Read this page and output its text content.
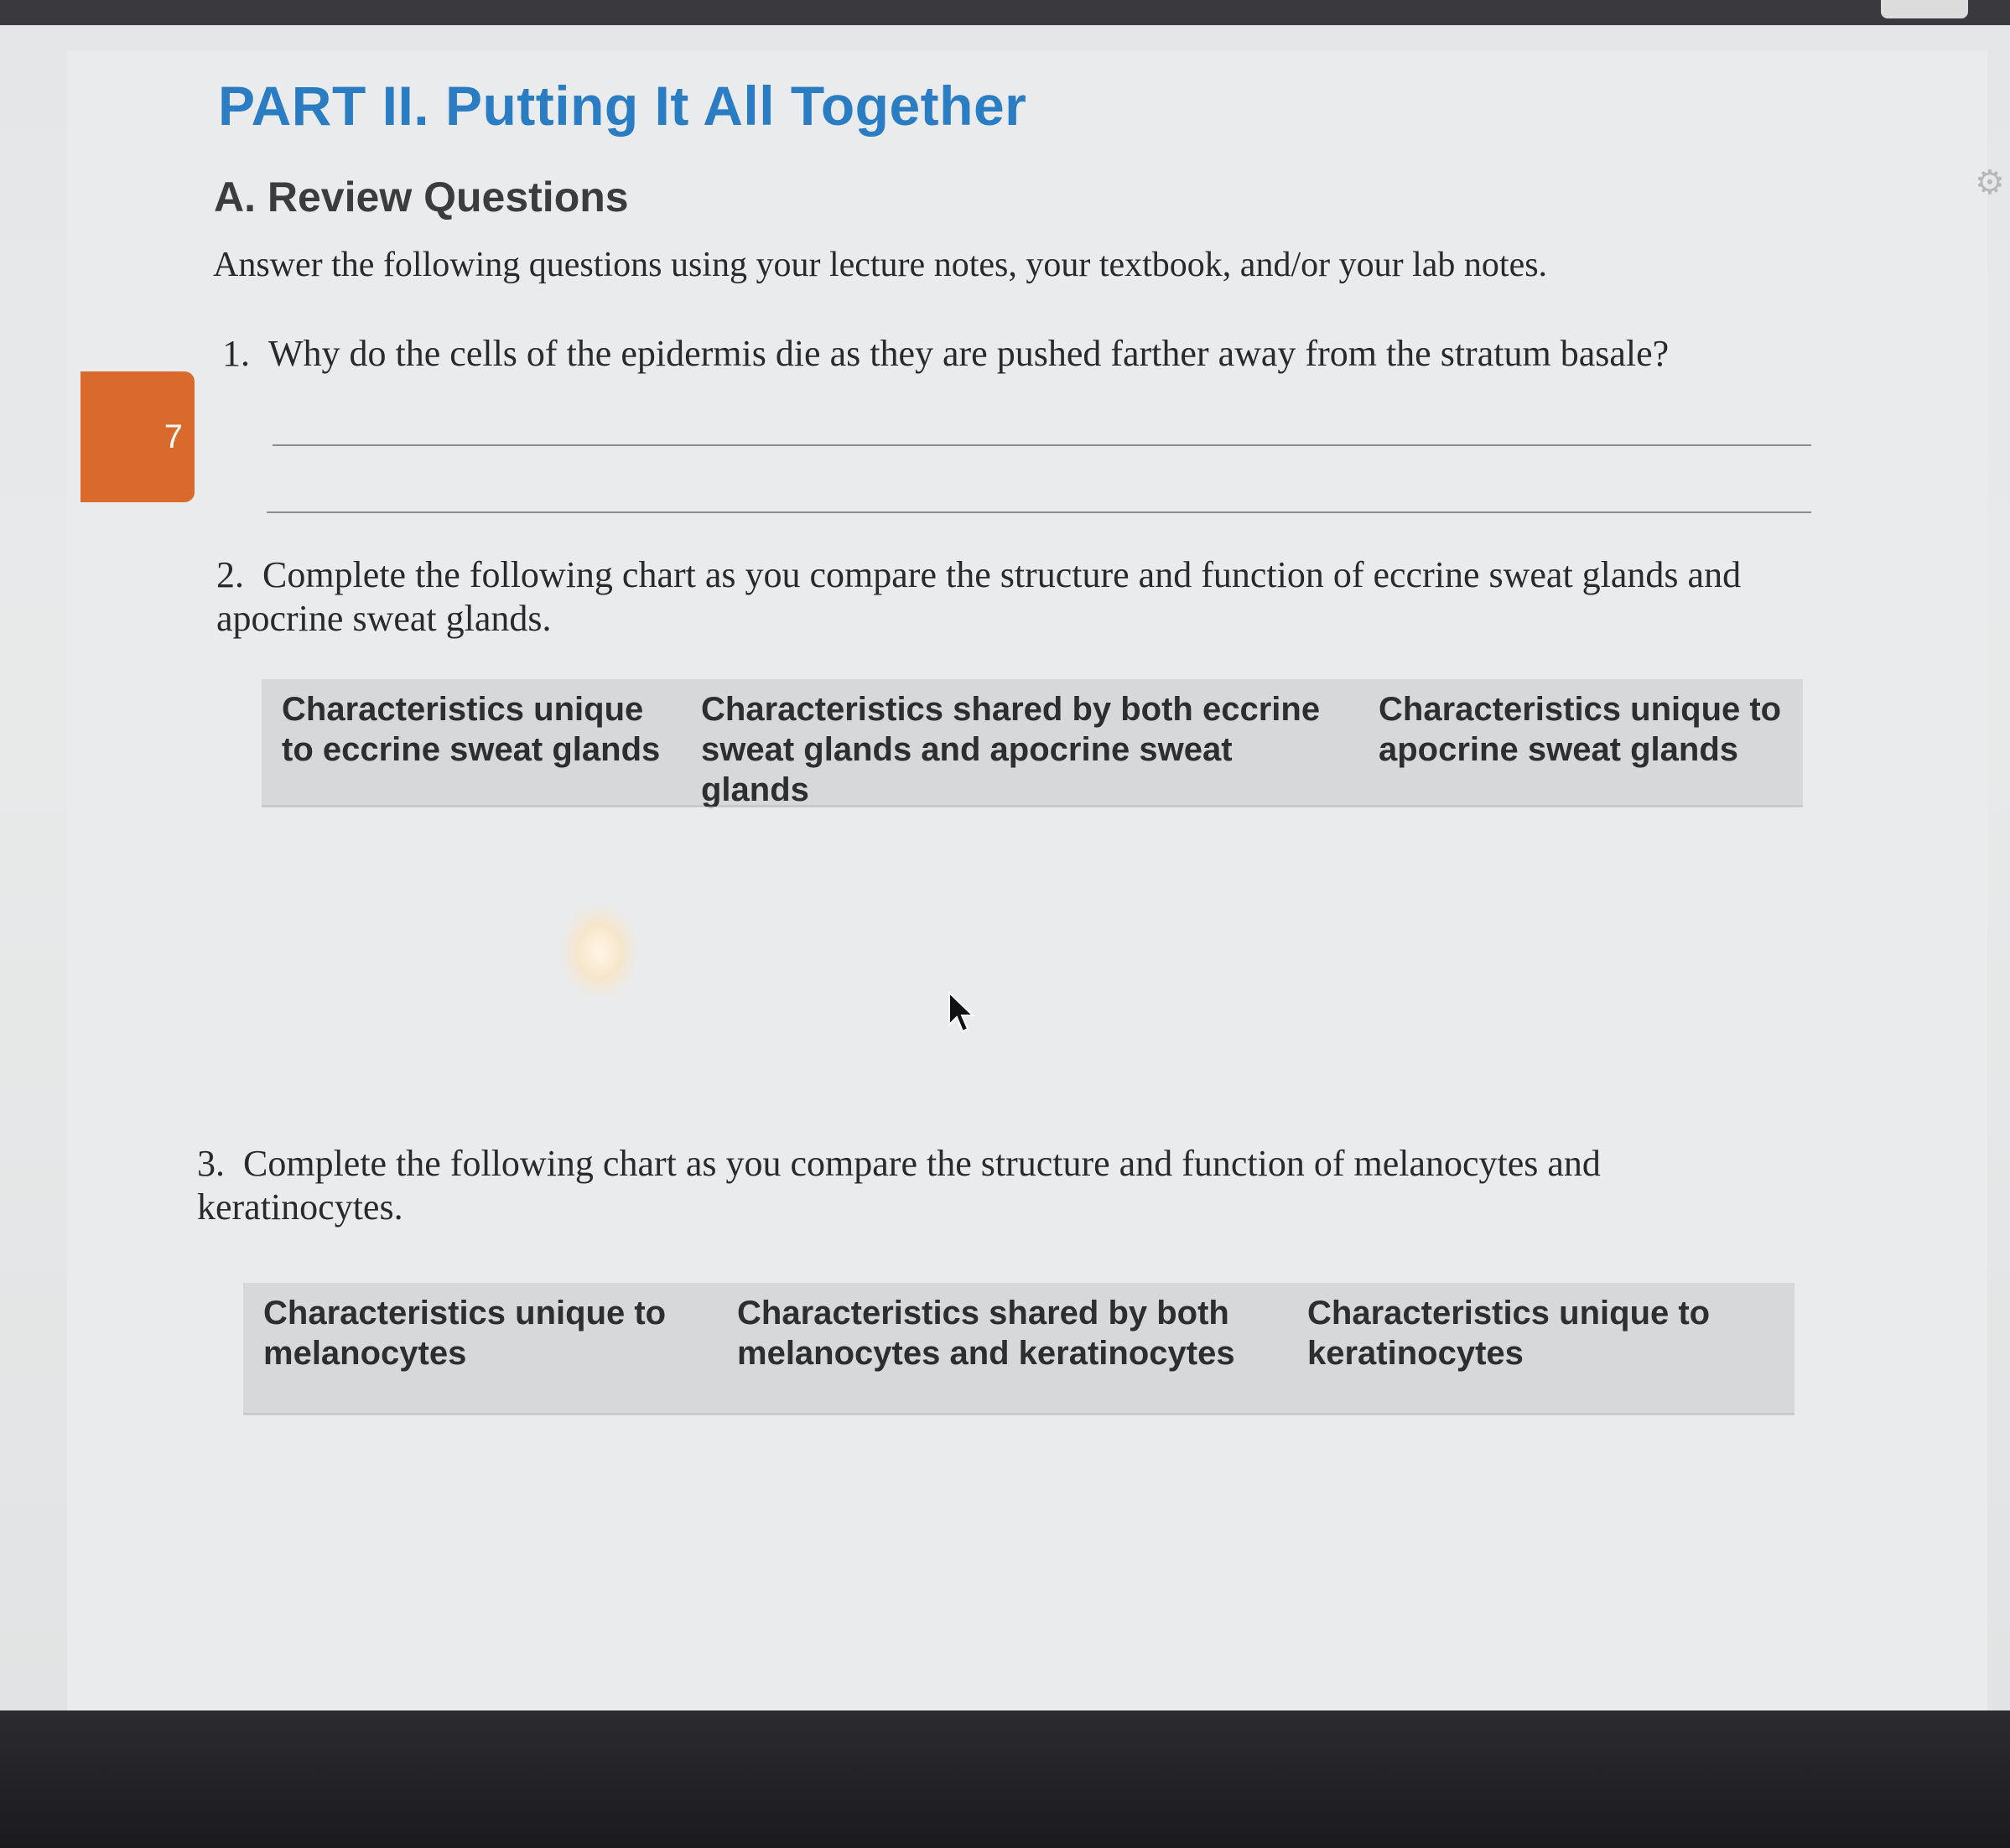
7
⚙
PART II. Putting It All Together
A. Review Questions
Answer the following questions using your lecture notes, your textbook, and/or your lab notes.
1. Why do the cells of the epidermis die as they are pushed farther away from the stratum basale?
2. Complete the following chart as you compare the structure and function of eccrine sweat glands and apocrine sweat glands.
Characteristics unique to eccrine sweat glands
Characteristics shared by both eccrine sweat glands and apocrine sweat glands
Characteristics unique to apocrine sweat glands
3. Complete the following chart as you compare the structure and function of melanocytes and keratinocytes.
Characteristics unique to melanocytes
Characteristics shared by both melanocytes and keratinocytes
Characteristics unique to keratinocytes
